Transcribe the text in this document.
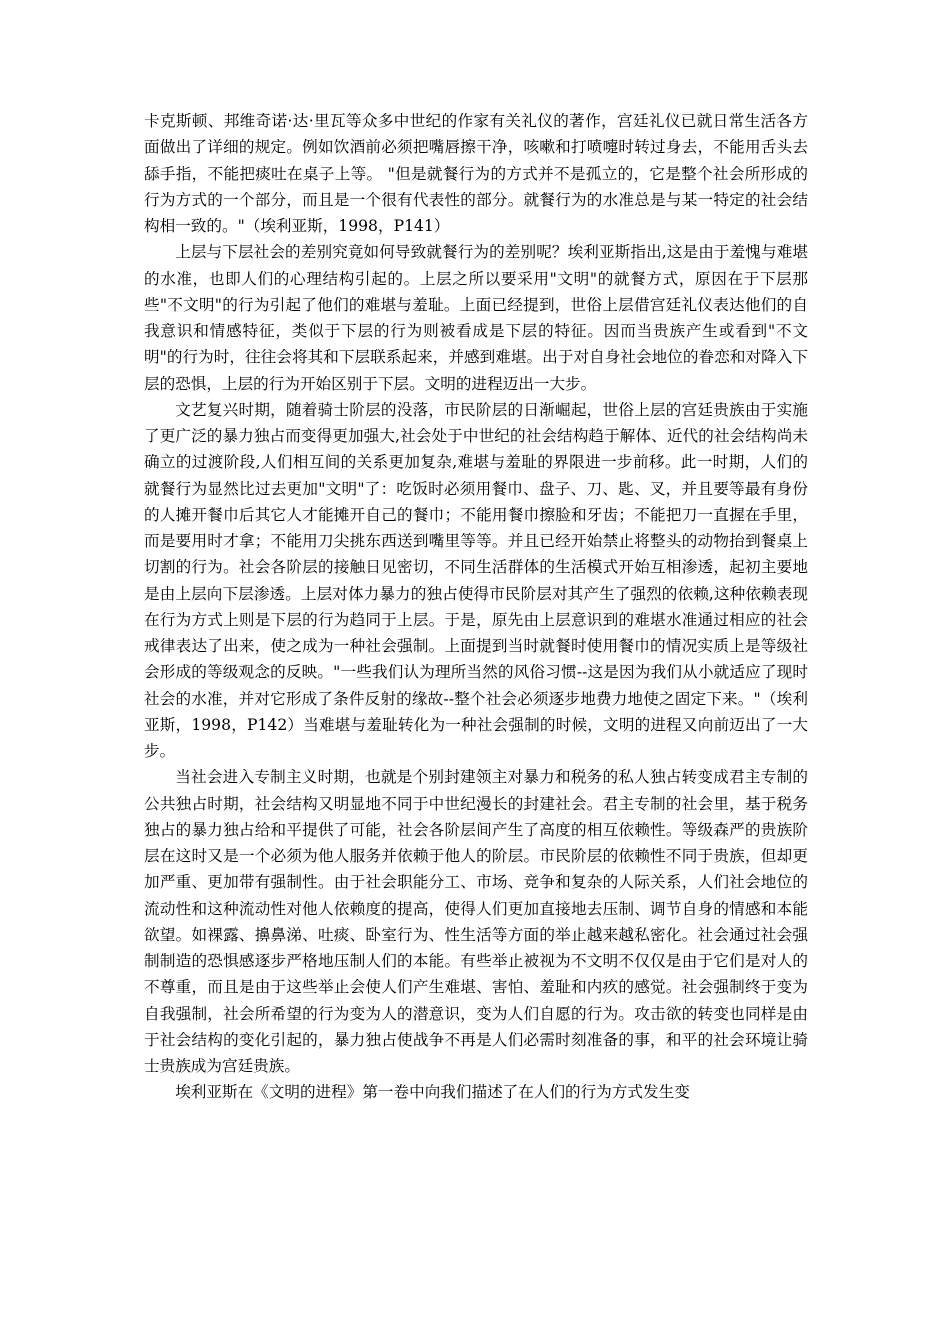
卡克斯顿、邦维奇诺·达·里瓦等众多中世纪的作家有关礼仪的著作，宫廷礼仪已就日常生活各方面做出了详细的规定。例如饮酒前必须把嘴唇擦干净，咳嗽和打喷嚏时转过身去，不能用舌头去舔手指，不能把痰吐在桌子上等。 "但是就餐行为的方式并不是孤立的，它是整个社会所形成的行为方式的一个部分，而且是一个很有代表性的部分。就餐行为的水准总是与某一特定的社会结构相一致的。"（埃利亚斯，1998，P141）

上层与下层社会的差别究竟如何导致就餐行为的差别呢？埃利亚斯指出,这是由于羞愧与难堪的水准，也即人们的心理结构引起的。上层之所以要采用"文明"的就餐方式，原因在于下层那些"不文明"的行为引起了他们的难堪与羞耻。上面已经提到，世俗上层借宫廷礼仪表达他们的自我意识和情感特征，类似于下层的行为则被看成是下层的特征。因而当贵族产生或看到"不文明"的行为时，往往会将其和下层联系起来，并感到难堪。出于对自身社会地位的眷恋和对降入下层的恐惧，上层的行为开始区别于下层。文明的进程迈出一大步。

文艺复兴时期，随着骑士阶层的没落，市民阶层的日渐崛起，世俗上层的宫廷贵族由于实施了更广泛的暴力独占而变得更加强大,社会处于中世纪的社会结构趋于解体、近代的社会结构尚未确立的过渡阶段,人们相互间的关系更加复杂,难堪与羞耻的界限进一步前移。此一时期，人们的就餐行为显然比过去更加"文明"了：吃饭时必须用餐巾、盘子、刀、匙、叉，并且要等最有身份的人摊开餐巾后其它人才能摊开自己的餐巾；不能用餐巾擦脸和牙齿；不能把刀一直握在手里，而是要用时才拿；不能用刀尖挑东西送到嘴里等等。并且已经开始禁止将整头的动物抬到餐桌上切割的行为。社会各阶层的接触日见密切，不同生活群体的生活模式开始互相渗透，起初主要地是由上层向下层渗透。上层对体力暴力的独占使得市民阶层对其产生了强烈的依赖,这种依赖表现在行为方式上则是下层的行为趋同于上层。于是，原先由上层意识到的难堪水准通过相应的社会戒律表达了出来，使之成为一种社会强制。上面提到当时就餐时使用餐巾的情况实质上是等级社会形成的等级观念的反映。"一些我们认为理所当然的风俗习惯--这是因为我们从小就适应了现时社会的水准，并对它形成了条件反射的缘故--整个社会必须逐步地费力地使之固定下来。"（埃利亚斯，1998，P142）当难堪与羞耻转化为一种社会强制的时候，文明的进程又向前迈出了一大步。

当社会进入专制主义时期，也就是个别封建领主对暴力和税务的私人独占转变成君主专制的公共独占时期，社会结构又明显地不同于中世纪漫长的封建社会。君主专制的社会里，基于税务独占的暴力独占给和平提供了可能，社会各阶层间产生了高度的相互依赖性。等级森严的贵族阶层在这时又是一个必须为他人服务并依赖于他人的阶层。市民阶层的依赖性不同于贵族，但却更加严重、更加带有强制性。由于社会职能分工、市场、竞争和复杂的人际关系，人们社会地位的流动性和这种流动性对他人依赖度的提高，使得人们更加直接地去压制、调节自身的情感和本能欲望。如裸露、擤鼻涕、吐痰、卧室行为、性生活等方面的举止越来越私密化。社会通过社会强制制造的恐惧感逐步严格地压制人们的本能。有些举止被视为不文明不仅仅是由于它们是对人的不尊重，而且是由于这些举止会使人们产生难堪、害怕、羞耻和内疚的感觉。社会强制终于变为自我强制，社会所希望的行为变为人的潜意识，变为人们自愿的行为。攻击欲的转变也同样是由于社会结构的变化引起的，暴力独占使战争不再是人们必需时刻准备的事，和平的社会环境让骑士贵族成为宫廷贵族。

埃利亚斯在《文明的进程》第一卷中向我们描述了在人们的行为方式发生变
